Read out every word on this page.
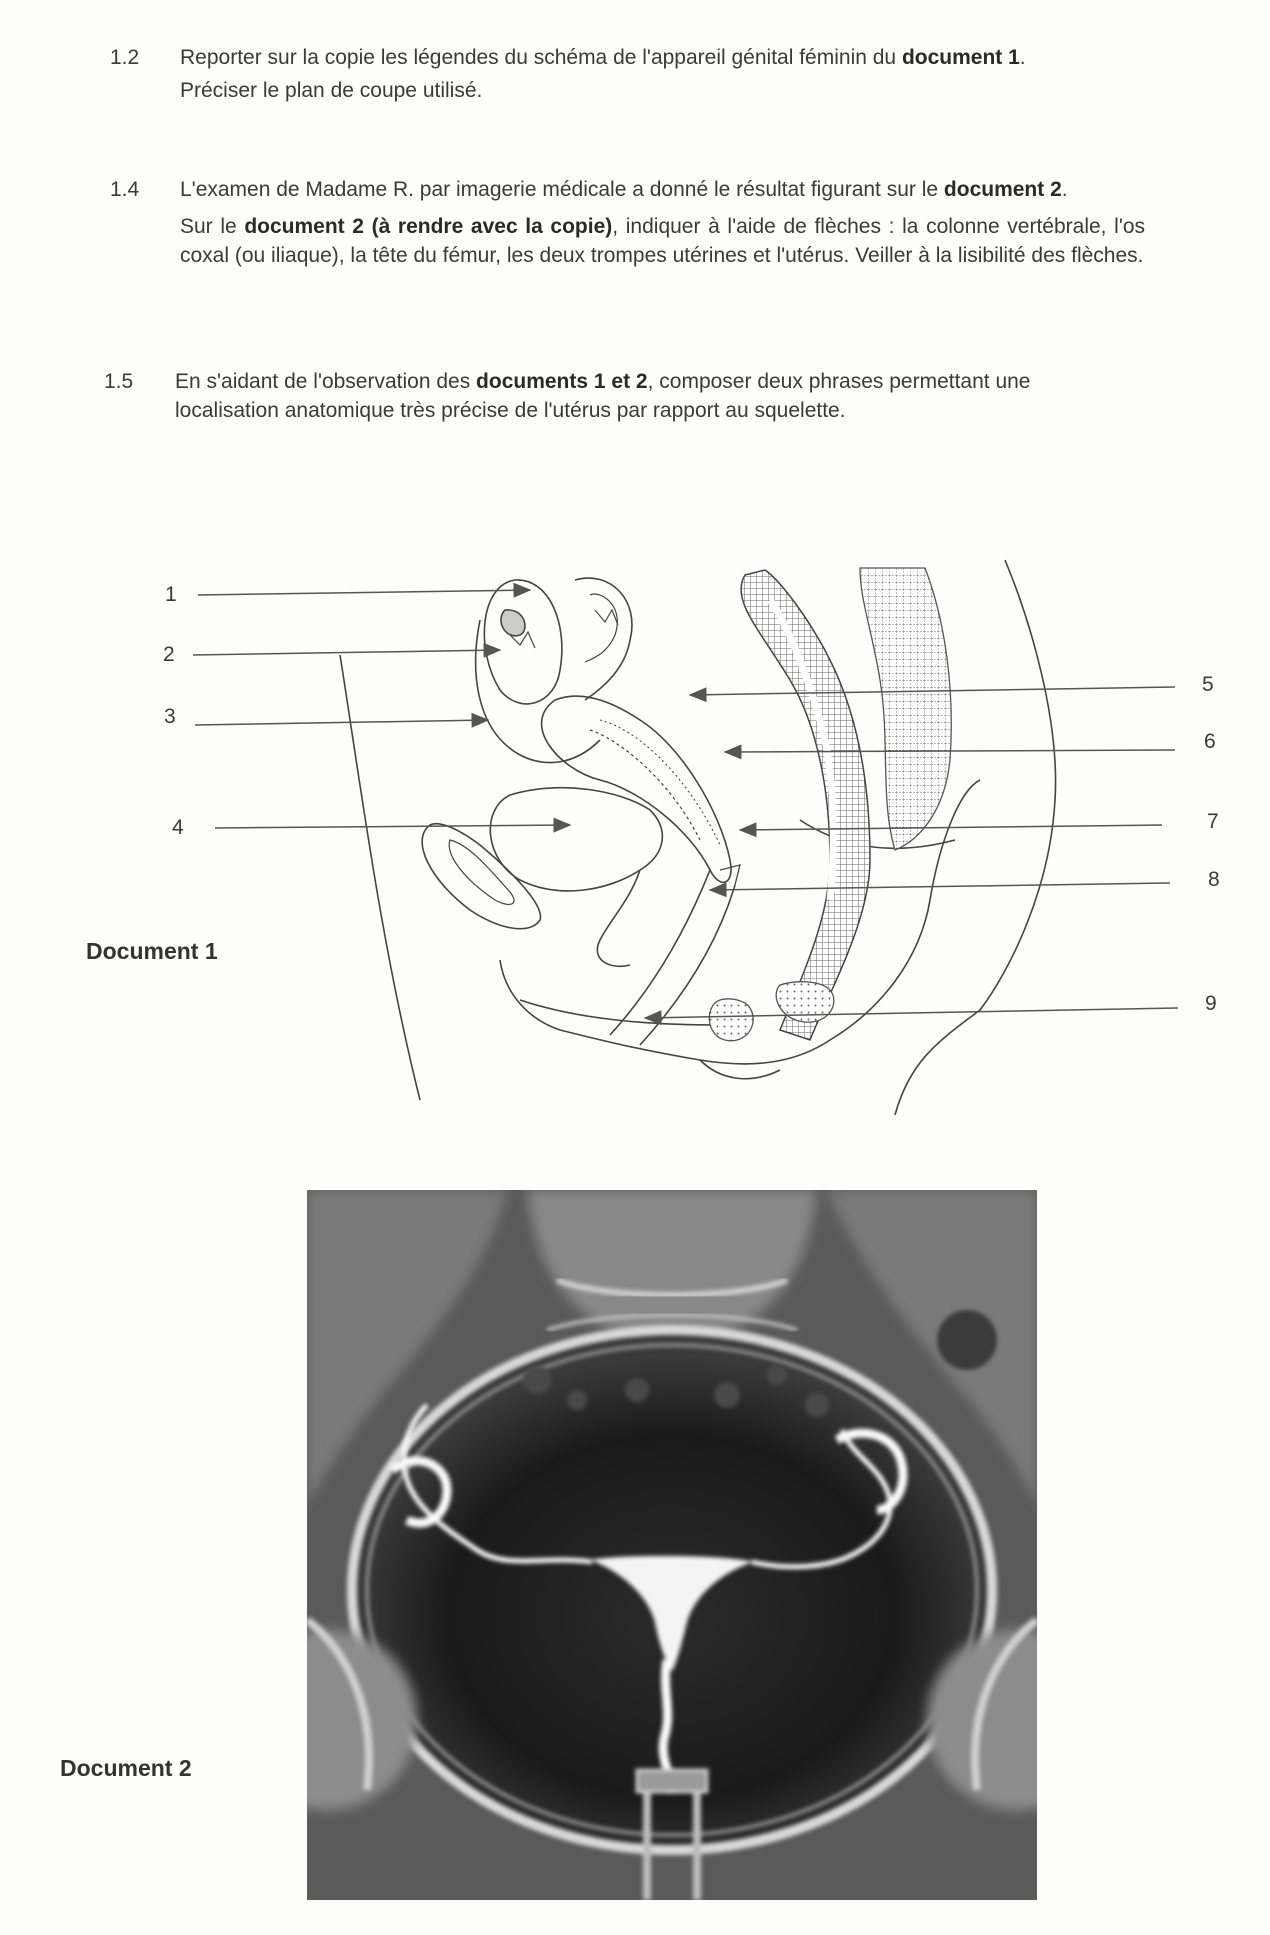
1.2 Reporter sur la copie les légendes du schéma de l'appareil génital féminin du document 1.
Préciser le plan de coupe utilisé.
1.4 L'examen de Madame R. par imagerie médicale a donné le résultat figurant sur le document 2.
Sur le document 2 (à rendre avec la copie), indiquer à l'aide de flèches : la colonne vertébrale, l'os coxal (ou iliaque), la tête du fémur, les deux trompes utérines et l'utérus. Veiller à la lisibilité des flèches.
1.5 En s'aidant de l'observation des documents 1 et 2, composer deux phrases permettant une localisation anatomique très précise de l'utérus par rapport au squelette.
Document 1
1
2
3
4
5
6
7
8
9
Document 2
